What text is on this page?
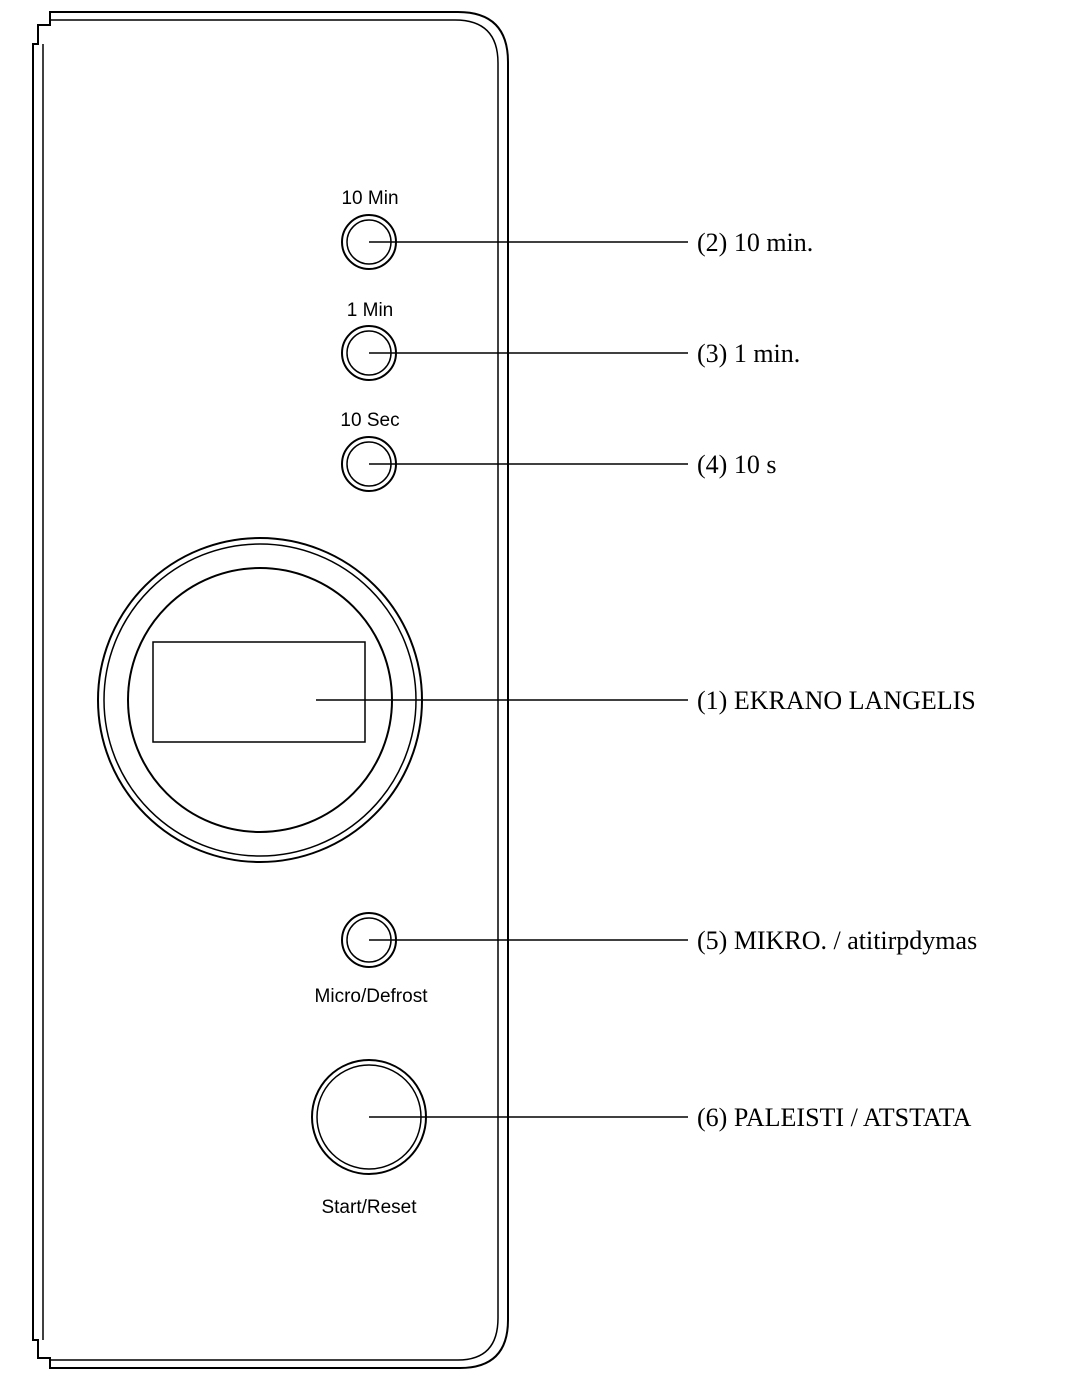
10 Min
1 Min
10 Sec
Micro/Defrost
Start/Reset
(2) 10 min.
(3) 1 min.
(4) 10 s
(1) EKRANO LANGELIS
(5) MIKRO. / atitirpdymas
(6) PALEISTI / ATSTATA
